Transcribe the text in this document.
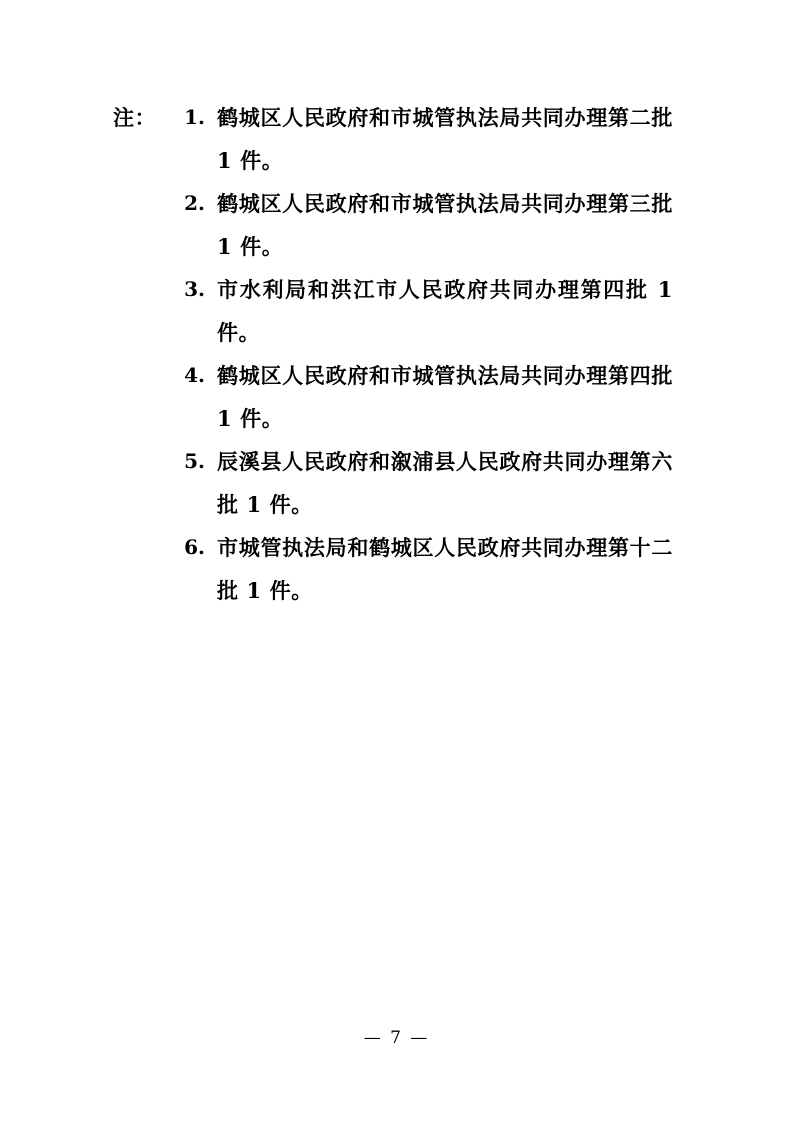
注：	1. 鹤城区人民政府和市城管执法局共同办理第二批 1 件。
2. 鹤城区人民政府和市城管执法局共同办理第三批 1 件。
3. 市水利局和洪江市人民政府共同办理第四批 1 件。
4. 鹤城区人民政府和市城管执法局共同办理第四批 1 件。
5. 辰溪县人民政府和溆浦县人民政府共同办理第六批 1 件。
6. 市城管执法局和鹤城区人民政府共同办理第十二批 1 件。
— 7 —
